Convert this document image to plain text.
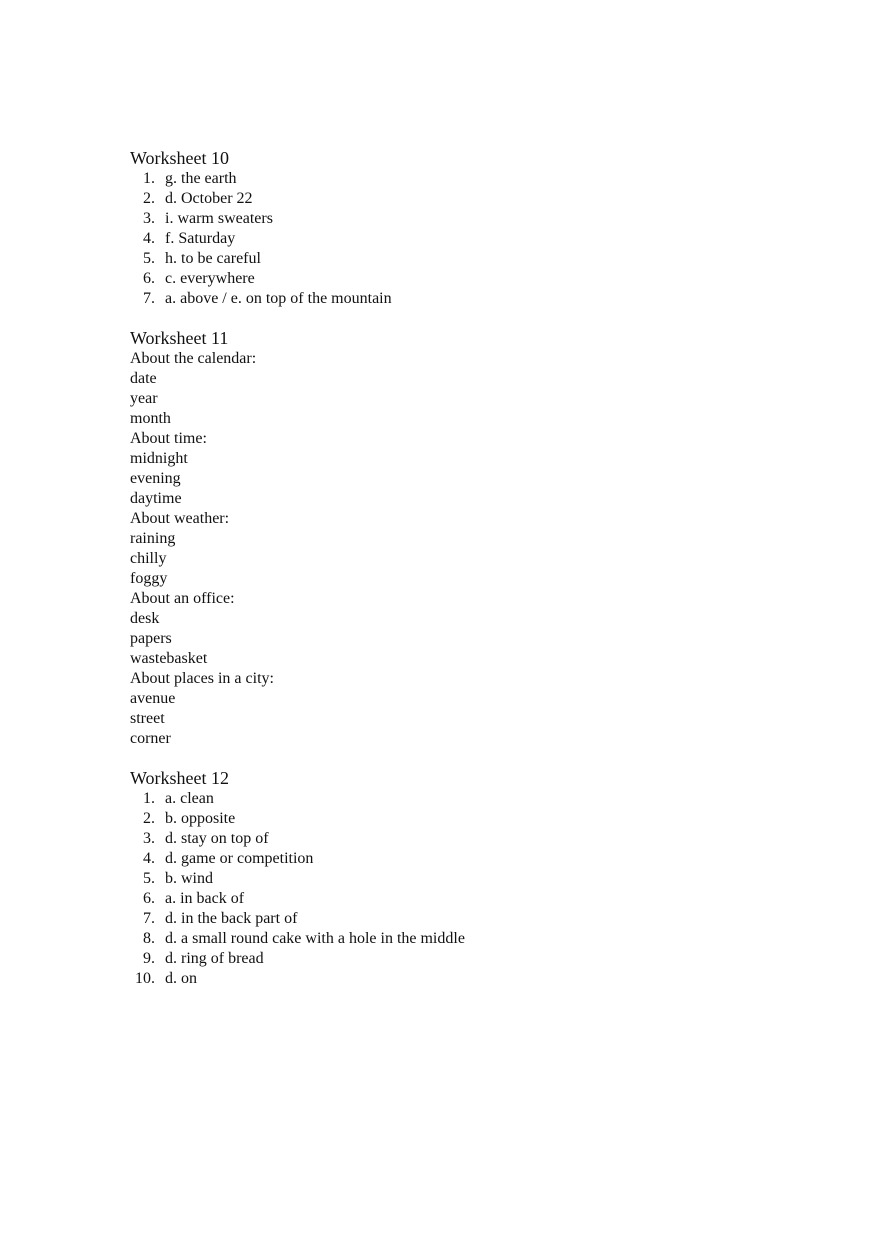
Worksheet 10
1. g. the earth
2. d. October 22
3. i. warm sweaters
4. f. Saturday
5. h. to be careful
6. c. everywhere
7. a. above / e. on top of the mountain
Worksheet 11

About the calendar:

date

year

month

About time:

midnight

evening

daytime

About weather:

raining

chilly

foggy

About an office:

desk

papers

wastebasket

About places in a city:

avenue

street

corner

Worksheet 12
1. a. clean
2. b. opposite
3. d. stay on top of
4. d. game or competition
5. b. wind
6. a. in back of
7. d. in the back part of
8. d. a small round cake with a hole in the middle
9. d. ring of bread
10. d. on
